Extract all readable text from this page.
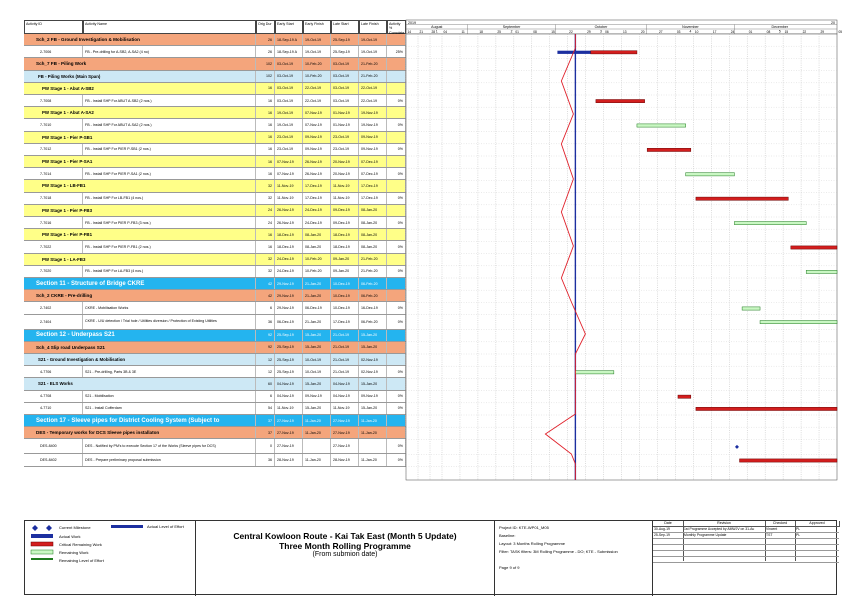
Activity ID	Activity Name	Orig Dur	Early Start	Early Finish	Late Start	Late Finish	Activity % Complete
2019	20
August
1
September
2
October
3
November
4
December
5
14	21	28	04	11	18	25	01	08	15	22	29	06	13	20	27	03	10	17	24	01	08	15	22	29	05
Sch_2 FB - Ground Investigation & Mobilisation	26	18-Sep-19 A	19-Oct-19	25-Sep-19	19-Oct-19
2-7006	FB - Pre-drilling for A-SB2, A-SA2 (4 no)	26	18-Sep-19 A	19-Oct-19	25-Sep-19	19-Oct-19	25%
Sch_7 FB - Piling Work	102	03-Oct-19	10-Feb-20	03-Oct-19	21-Feb-20
FB - Piling Works (Main Span)	102	03-Oct-19	10-Feb-20	03-Oct-19	21-Feb-20
PW Stage 1 - Abut A-SB2	16	03-Oct-19	22-Oct-19	03-Oct-19	22-Oct-19
7-7008	FB - Install SHP For ABUT A-SB2 (2 nos.)	16	03-Oct-19	22-Oct-19	03-Oct-19	22-Oct-19	0%
PW Stage 1 - Abut A-SA2	16	19-Oct-19	07-Nov-19	01-Nov-19	19-Nov-19
7-7010	FB - Install SHP For ABUT A-SA2 (2 nos.)	16	19-Oct-19	07-Nov-19	01-Nov-19	19-Nov-19	0%
PW Stage 1 - Pier P-SB1	16	23-Oct-19	09-Nov-19	23-Oct-19	09-Nov-19
7-7012	FB - Install SHP For PIER P-SB1 (2 nos.)	16	23-Oct-19	09-Nov-19	23-Oct-19	09-Nov-19	0%
PW Stage 1 - Pier P-SA1	16	07-Nov-19	26-Nov-19	20-Nov-19	07-Dec-19
7-7014	FB - Install SHP For PIER P-SA1 (2 nos.)	16	07-Nov-19	26-Nov-19	20-Nov-19	07-Dec-19	0%
PW Stage 1 - LB-FB1	32	11-Nov-19	17-Dec-19	11-Nov-19	17-Dec-19
7-7018	FB - Install SHP For LB-FB1 (4 nos.)	32	11-Nov-19	17-Dec-19	11-Nov-19	17-Dec-19	0%
PW Stage 1 - Pier P-FB3	24	26-Nov-19	24-Dec-19	09-Dec-19	08-Jan-20
7-7016	FB - Install SHP For PIER P-FB3 (3 nos.)	24	26-Nov-19	24-Dec-19	09-Dec-19	08-Jan-20	0%
PW Stage 1 - Pier P-FB1	16	18-Dec-19	08-Jan-20	18-Dec-19	08-Jan-20
7-7022	FB - Install SHP For PIER P-FB1 (2 nos.)	16	18-Dec-19	08-Jan-20	18-Dec-19	08-Jan-20	0%
PW Stage 1 - LA-FB3	32	24-Dec-19	10-Feb-20	09-Jan-20	21-Feb-20
7-7020	FB - Install SHP For LA-FB3 (4 nos.)	32	24-Dec-19	10-Feb-20	09-Jan-20	21-Feb-20	0%
Section 11 - Structure of Bridge CKRE	42	29-Nov-19	21-Jan-20	10-Dec-19	06-Feb-20
Sch_2 CKRE - Pre-drilling	42	29-Nov-19	21-Jan-20	10-Dec-19	06-Feb-20
2-7402	CKRE - Mobilisation Works	6	29-Nov-19	06-Dec-19	10-Dec-19	16-Dec-19	0%
2-7404	CKRE - U/U detection / Trial hole / Utilities diversion / Protection of Existing Utilities	36	06-Dec-19	21-Jan-20	17-Dec-19	06-Feb-20	0%
Section 12 - Underpass S21	92	25-Sep-19	15-Jan-20	21-Oct-19	15-Jan-20
Sch_4 Slip road Underpass S21	92	25-Sep-19	15-Jan-20	21-Oct-19	15-Jan-20
S21 - Ground Investigation & Mobilisation	12	25-Sep-19	10-Oct-19	21-Oct-19	02-Nov-19
4-7706	S21 - Pre-drilling, Parts 3B & 3E	12	25-Sep-19	10-Oct-19	21-Oct-19	02-Nov-19	0%
S21 - ELS Works	60	04-Nov-19	15-Jan-20	04-Nov-19	15-Jan-20
4-7708	S21 - Mobilisation	6	04-Nov-19	09-Nov-19	04-Nov-19	09-Nov-19	0%
4-7710	S21 - Install Cofferdam	54	11-Nov-19	15-Jan-20	11-Nov-19	15-Jan-20	0%
Section 17 - Sleeve pipes for District Cooling System (Subject to	37	27-Nov-19	11-Jan-20	27-Nov-19	11-Jan-20
DES - Temporary works for DCS Sleeve pipes installaton	37	27-Nov-19	11-Jan-20	27-Nov-19	11-Jan-20
DES-8400	DES - Notified by PM's to execute Section 17 of the Works (Sleeve pipes for DCS)	0	27-Nov-19	27-Nov-19	0%
DES-8402	DES - Prepare preliminary proposal submission	36	28-Nov-19	11-Jan-20	28-Nov-19	11-Jan-20	0%
Current Milestone
Actual Work
Critical Remaining Work
Remaining Work
Remaining Level of Effort
Actual Level of Effort
Central Kowloon Route - Kai Tak East (Month 5 Update)
Three Month Rolling Programme
(From submion date)
Project ID: KTE-WP01_M05
Baseline:
Layout: 3 Months Rolling Programme
Filter: TASK filters: 3M Rolling Programme - DO; KTE - Submission
Page 9 of 9
Date	Revision	Checked	Approved
30-Aug-19	1st Programme Accepted by AMWJV on 31-Au	Vincent	PL
25-Sep-19	Monthly Programme Update	TST	PL
